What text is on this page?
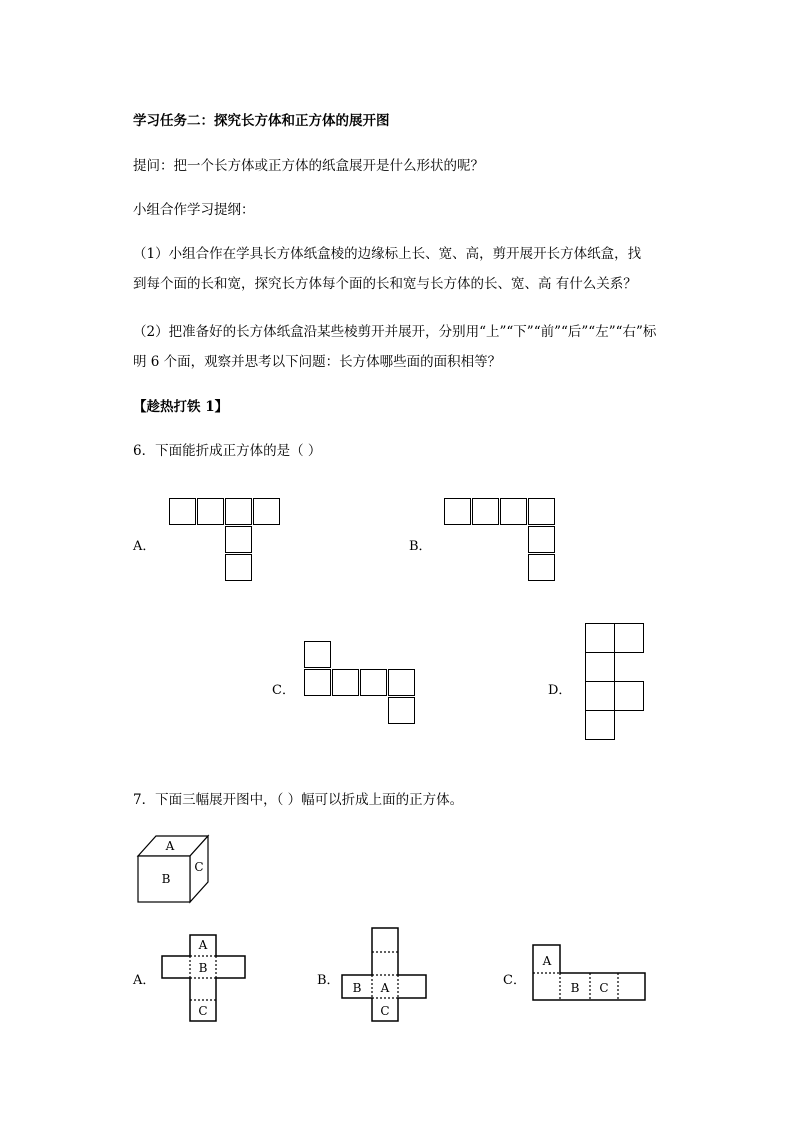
学习任务二：探究长方体和正方体的展开图
提问：把一个长方体或正方体的纸盒展开是什么形状的呢？
小组合作学习提纲：
（1）小组合作在学具长方体纸盒棱的边缘标上长、宽、高，剪开展开长方体纸盒，找
到每个面的长和宽，探究长方体每个面的长和宽与长方体的长、宽、高 有什么关系？
（2）把准备好的长方体纸盒沿某些棱剪开并展开，分别用“上”“下”“前”“后”“左”“右”标
明 6 个面，观察并思考以下问题：长方体哪些面的面积相等？
【趁热打铁 1】
6．下面能折成正方体的是（ ）
A．	B．
C．	D．
7．下面三幅展开图中，（ ）幅可以折成上面的正方体。
A
B
C
A．
A
B
C
B． B A
C
C．
A
B C
